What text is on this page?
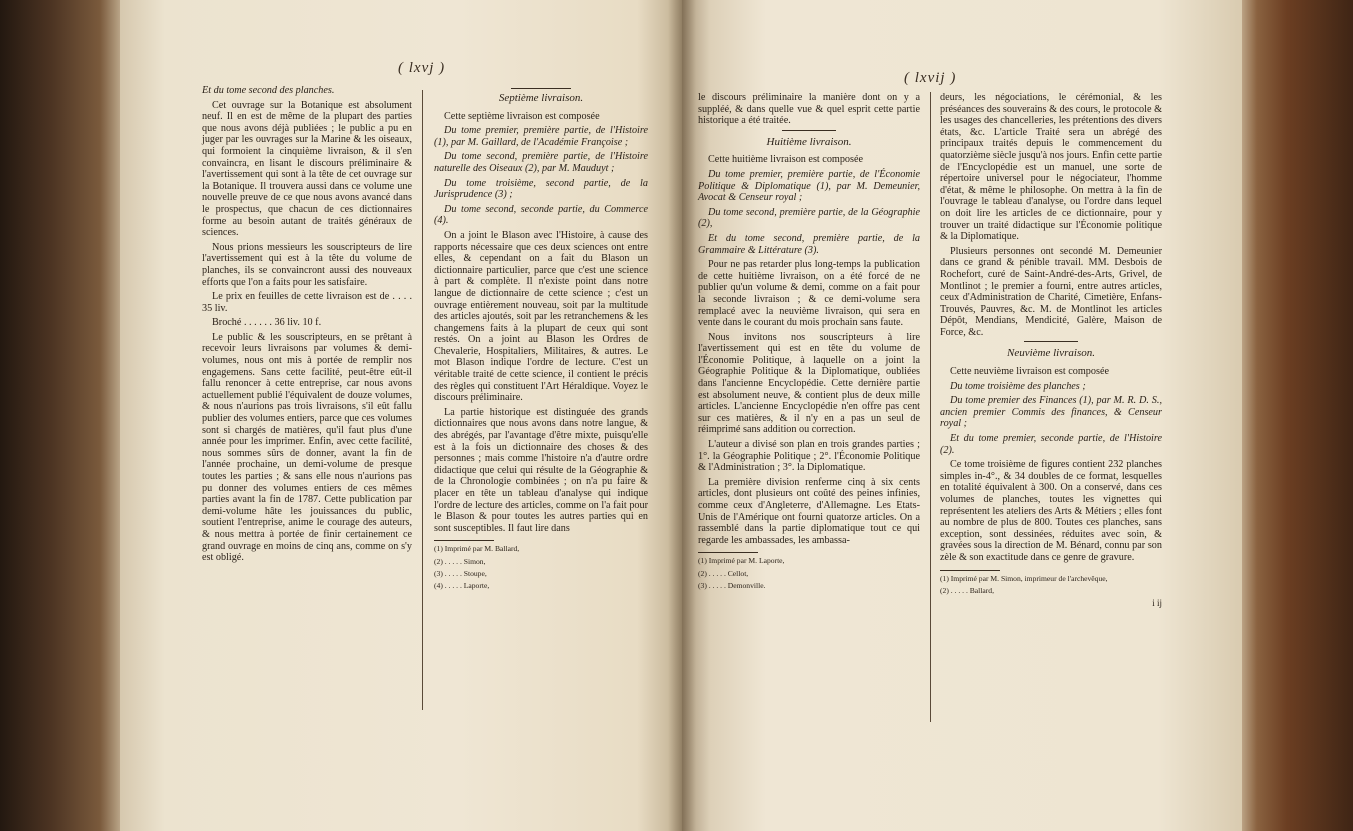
( lxvj )
Et du tome second des planches.

Cet ouvrage sur la Botanique est absolument neuf. Il en est de même de la plupart des parties que nous avons déjà publiées ; le public a pu en juger par les ouvrages sur la Marine & les oiseaux, qui formoient la cinquième livraison, & il s'en convaincra, en lisant le discours préliminaire & l'avertissement qui sont à la tête de cet ouvrage sur la Botanique. Il trouvera aussi dans ce volume une nouvelle preuve de ce que nous avons avancé dans le prospectus, que chacun de ces dictionnaires forme au besoin autant de traités généraux de sciences.

Nous prions messieurs les souscripteurs de lire l'avertissement qui est à la tête du volume de planches, ils se convaincront aussi des nouveaux efforts que l'on a faits pour les satisfaire.

Le prix en feuilles de cette livraison est de . . . . 35 liv.

Broché . . . . . . 36 liv. 10 f.

Le public & les souscripteurs, en se prêtant à recevoir leurs livraisons par volumes & demi-volumes, nous ont mis à portée de remplir nos engagemens. Sans cette facilité, peut-être eût-il fallu renoncer à cette entreprise, car nous avons actuellement publié l'équivalent de douze volumes, & nous n'aurions pas trois livraisons, s'il eût fallu publier des volumes entiers, parce que ces volumes sont si chargés de matières, qu'il faut plus d'une année pour les imprimer. Enfin, avec cette facilité, nous sommes sûrs de donner, avant la fin de l'année prochaine, un demi-volume de presque toutes les parties ; & sans elle nous n'aurions pas pu donner des volumes entiers de ces mêmes parties avant la fin de 1787. Cette publication par demi-volume hâte les jouissances du public, soutient l'entreprise, anime le courage des auteurs, & nous mettra à portée de finir certainement ce grand ouvrage en moins de cinq ans, comme on s'y est obligé.

Septième livraison.

Cette septième livraison est composée

Du tome premier, première partie, de l'Histoire (1), par M. Gaillard, de l'Académie Françoise ;

Du tome second, première partie, de l'Histoire naturelle des Oiseaux (2), par M. Mauduyt ;

Du tome troisième, second partie, de la Jurisprudence (3) ;

Du tome second, seconde partie, du Commerce (4).

On a joint le Blason avec l'Histoire, à cause des rapports nécessaire que ces deux sciences ont entre elles, & cependant on a fait du Blason un dictionnaire particulier, parce que c'est une science à part & complète. Il n'existe point dans notre langue de dictionnaire de cette science ; c'est un ouvrage entièrement nouveau, soit par la multitude des articles ajoutés, soit par les retranchemens & les changemens faits à la plupart de ceux qui sont restés. On a joint au Blason les Ordres de Chevalerie, Hospitaliers, Militaires, & autres. Le mot Blason indique l'ordre de lecture. C'est un véritable traité de cette science, il contient le précis des règles qui constituent l'Art Héraldique. Voyez le discours préliminaire.

La partie historique est distinguée des grands dictionnaires que nous avons dans notre langue, & des abrégés, par l'avantage d'être mixte, puisqu'elle est à la fois un dictionnaire des choses & des personnes ; mais comme l'histoire n'a d'autre ordre didactique que celui qui résulte de la Géographie & de la Chronologie combinées ; on n'a pu faire & placer en tête un tableau d'analyse qui indique l'ordre de lecture des articles, comme on l'a fait pour le Blason & pour toutes les autres parties qui en sont susceptibles. Il faut lire dans

(1) Imprimé par M. Ballard,

(2) . . . . . Simon,

(3) . . . . . Stoupe,

(4) . . . . . Laporte,

( lxvij )

le discours préliminaire la manière dont on y a suppléé, & dans quelle vue & quel esprit cette partie historique a été traitée.

Huitième livraison.

Cette huitième livraison est composée

Du tome premier, première partie, de l'Économie Politique & Diplomatique (1), par M. Demeunier, Avocat & Censeur royal ;

Du tome second, première partie, de la Géographie (2),

Et du tome second, première partie, de la Grammaire & Littérature (3).

Pour ne pas retarder plus long-temps la publication de cette huitième livraison, on a été forcé de ne publier qu'un volume & demi, comme on a fait pour la seconde livraison ; & ce demi-volume sera remplacé avec la neuvième livraison, qui sera en vente dans le courant du mois prochain sans faute.

Nous invitons nos souscripteurs à lire l'avertissement qui est en tête du volume de l'Économie Politique, à laquelle on a joint la Géographie Politique & la Diplomatique, oubliées dans l'ancienne Encyclopédie. Cette dernière partie est absolument neuve, & contient plus de deux mille articles. L'ancienne Encyclopédie n'en offre pas cent sur ces matières, & il n'y en a pas un seul de réimprimé sans addition ou correction.

L'auteur a divisé son plan en trois grandes parties ; 1°. la Géographie Politique ; 2°. l'Économie Politique & l'Administration ; 3°. la Diplomatique.

La première division renferme cinq à six cents articles, dont plusieurs ont coûté des peines infinies, comme ceux d'Angleterre, d'Allemagne. Les Etats-Unis de l'Amérique ont fourni quatorze articles. On a rassemblé dans la partie diplomatique tout ce qui regarde les ambassades, les ambassa-

(1) Imprimé par M. Laporte,

(2) . . . . . Cellot,

(3) . . . . . Demonville.

deurs, les négociations, le cérémonial, & les préséances des souverains & des cours, le protocole & les usages des chancelleries, les prétentions des divers états, &c. L'article Traité sera un abrégé des principaux traités depuis le commencement du quatorzième siècle jusqu'à nos jours. Enfin cette partie de l'Encyclopédie est un manuel, une sorte de répertoire universel pour le négociateur, l'homme d'état, & même le philosophe. On mettra à la fin de l'ouvrage le tableau d'analyse, ou l'ordre dans lequel on doit lire les articles de ce dictionnaire, pour y trouver un traité didactique sur l'Économie politique & la Diplomatique.

Plusieurs personnes ont secondé M. Demeunier dans ce grand & pénible travail. MM. Desbois de Rochefort, curé de Saint-André-des-Arts, Grivel, de Montlinot ; le premier a fourni, entre autres articles, ceux d'Administration de Charité, Cimetière, Enfans-Trouvés, Pauvres, &c. M. de Montlinot les articles Dépôt, Mendians, Mendicité, Galère, Maison de Force, &c.

Neuvième livraison.

Cette neuvième livraison est composée

Du tome troisième des planches ;

Du tome premier des Finances (1), par M. R. D. S., ancien premier Commis des finances, & Censeur royal ;

Et du tome premier, seconde partie, de l'Histoire (2).

Ce tome troisième de figures contient 232 planches simples in-4°., & 34 doubles de ce format, lesquelles en totalité équivalent à 300. On a conservé, dans ces volumes de planches, toutes les vignettes qui représentent les ateliers des Arts & Métiers ; elles font au nombre de plus de 800. Toutes ces planches, sans exception, sont dessinées, réduites avec soin, & gravées sous la direction de M. Bénard, connu par son zèle & son exactitude dans ce genre de gravure.

(1) Imprimé par M. Simon, imprimeur de l'archevêque,

(2) . . . . . Ballard,

i ij
